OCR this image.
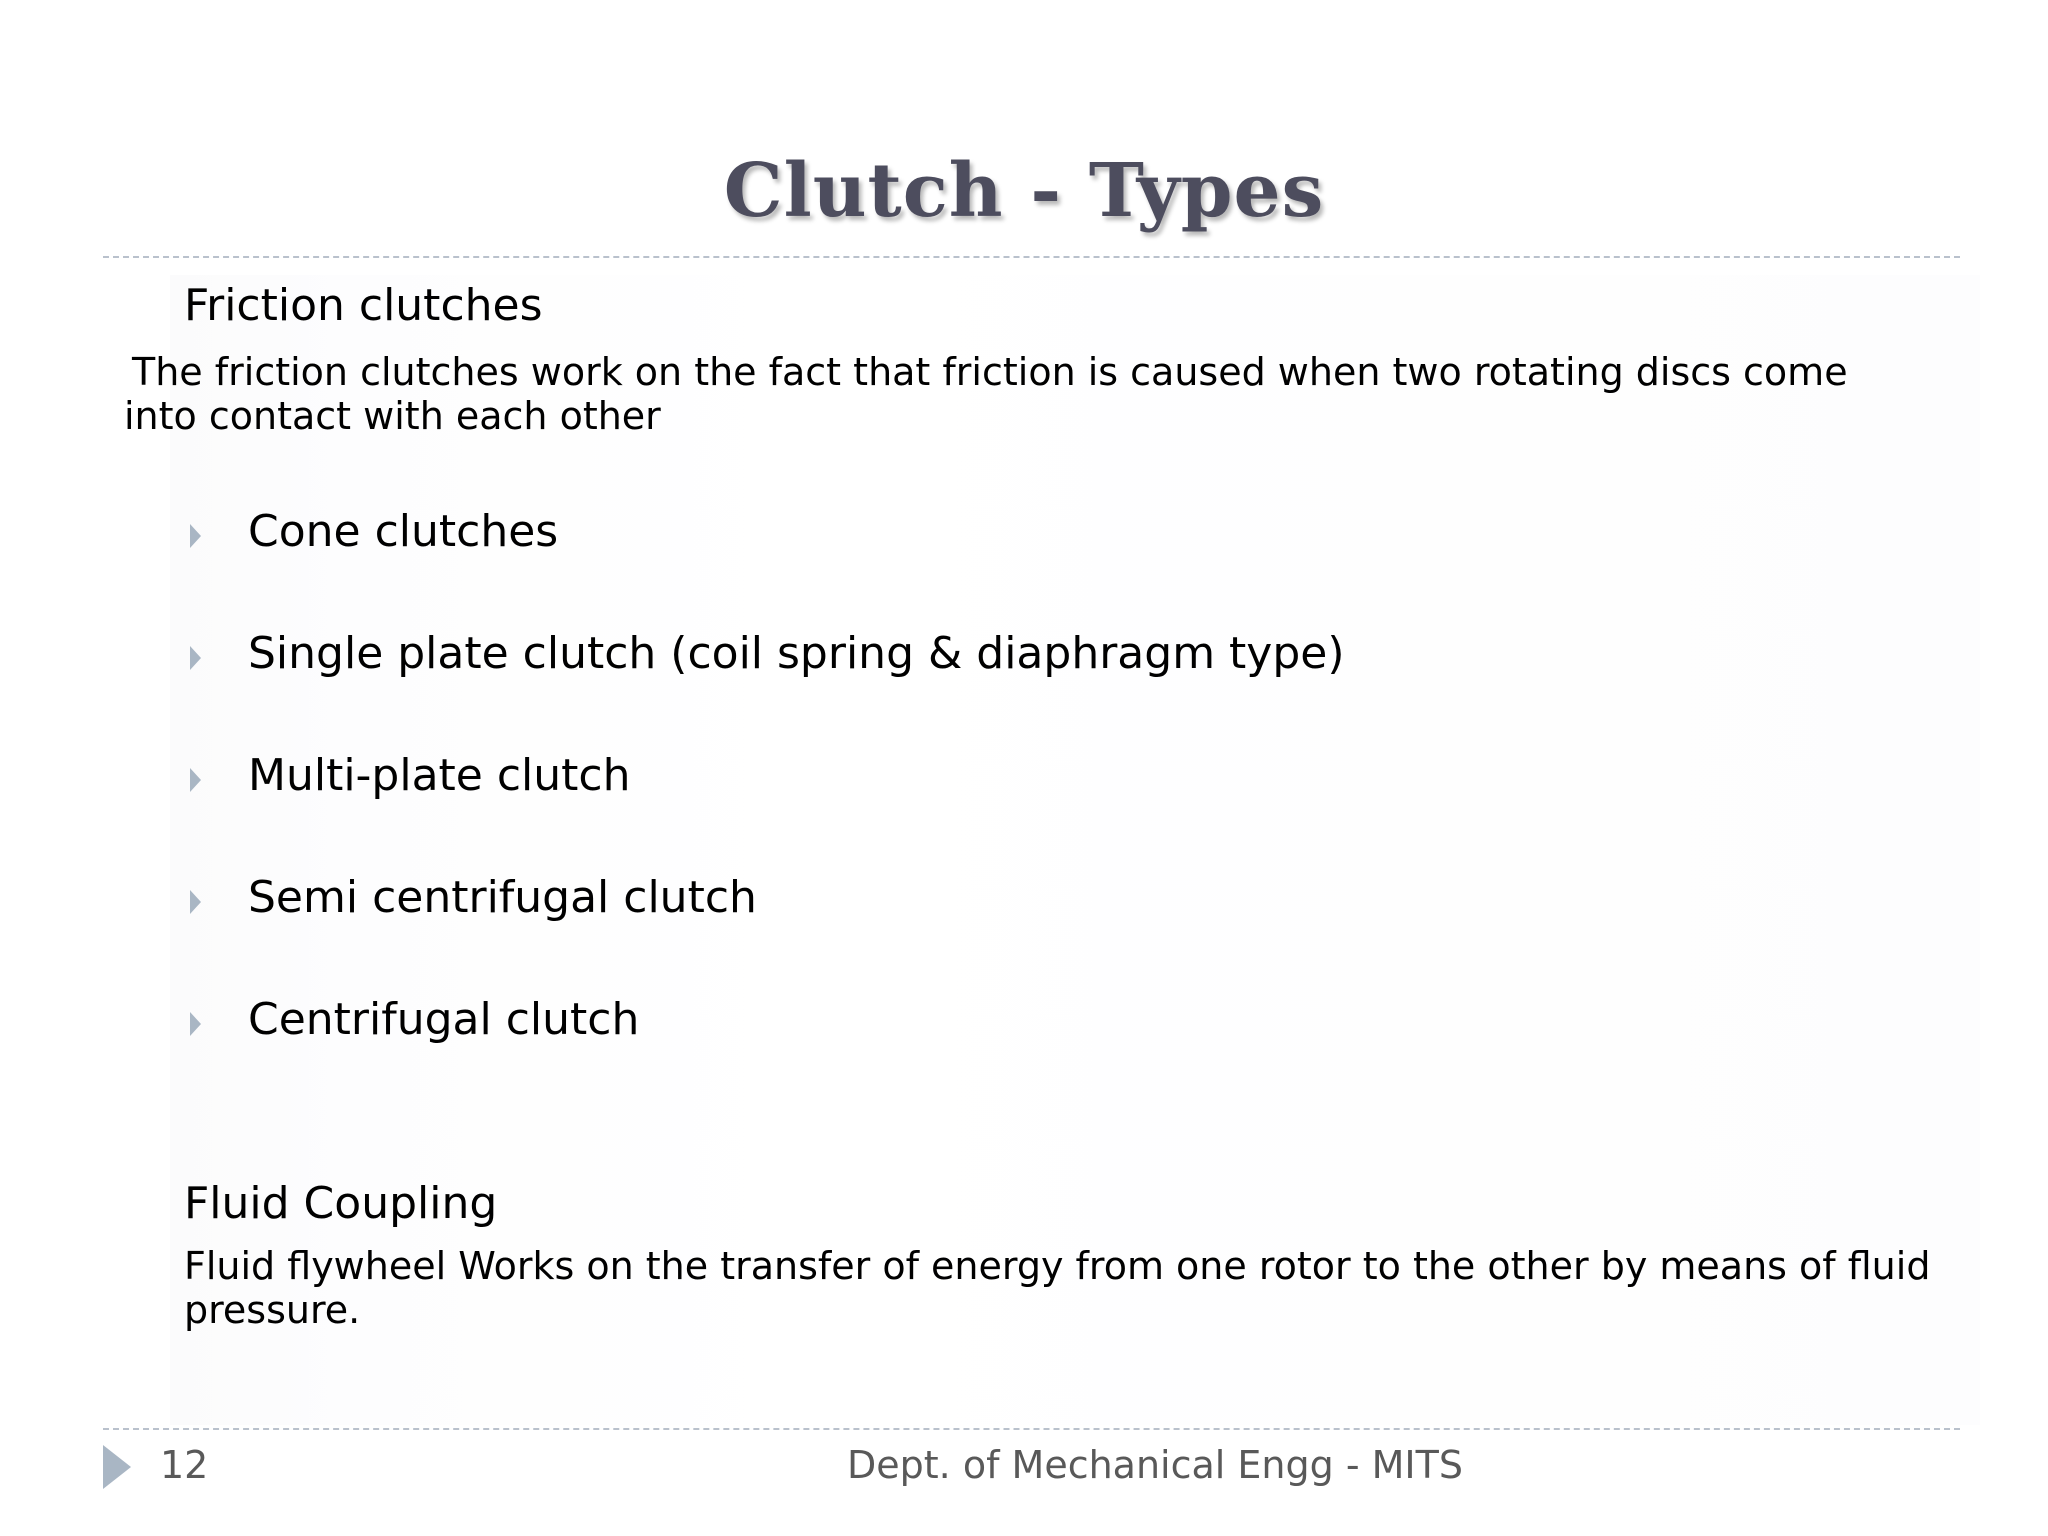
Clutch - Types
Friction clutches
The friction clutches work on the fact that friction is caused when two rotating discs come
into contact with each other
Cone clutches
Single plate clutch (coil spring & diaphragm type)
Multi-plate clutch
Semi centrifugal clutch
Centrifugal clutch
Fluid Coupling
Fluid flywheel Works on the transfer of energy from one rotor to the other by means of fluid
pressure.
12	Dept. of Mechanical Engg - MITS
